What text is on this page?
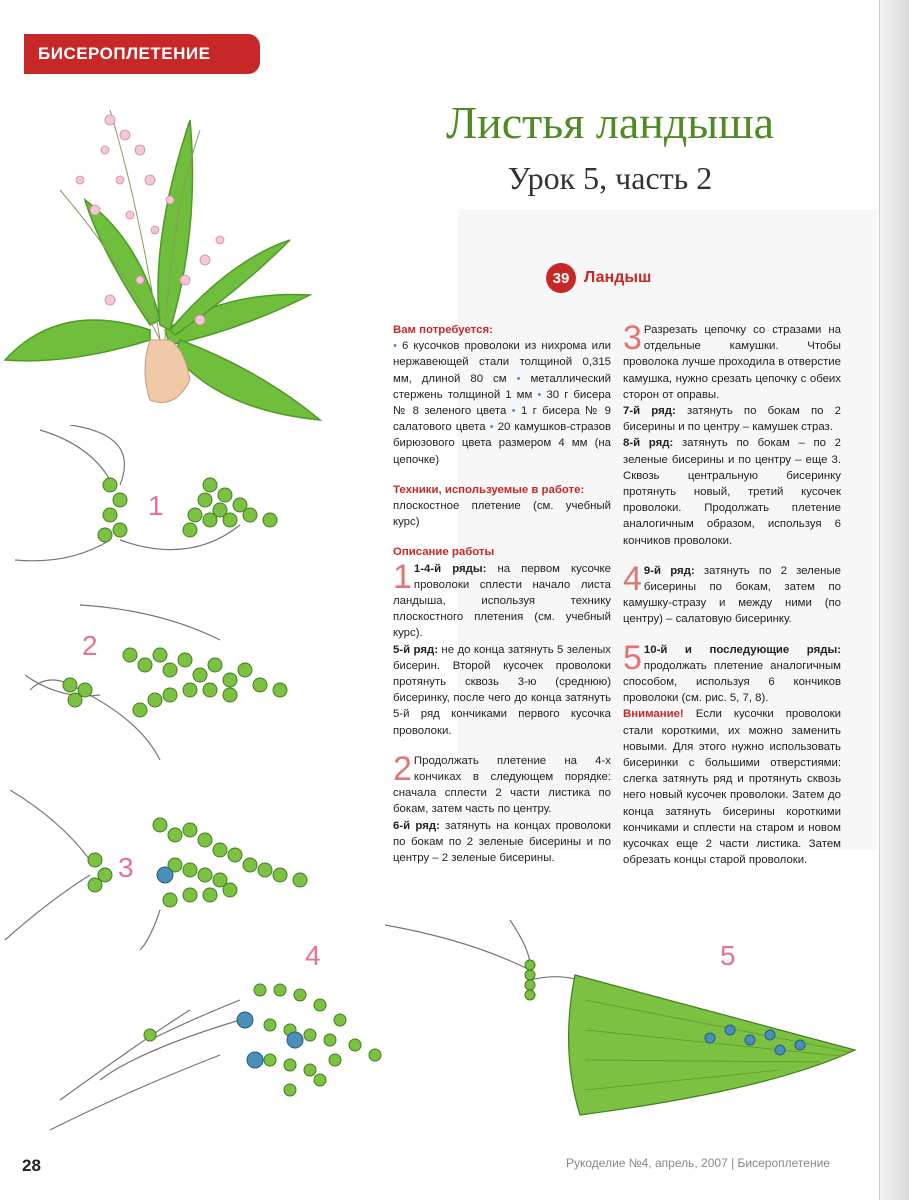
БИСЕРОПЛЕТЕНИЕ
Листья ландыша
Урок 5, часть 2
39 Ландыш
1
2
3
4	5

Вам потребуется:

• 6 кусочков проволоки из нихрома или нержавеющей стали толщиной 0,315 мм, длиной 80 см • металлический стержень толщиной 1 мм • 30 г бисера № 8 зеленого цвета • 1 г бисера № 9 салатового цвета • 20 камушков-стразов бирюзового цвета размером 4 мм (на цепочке)

Техники, используемые в работе:

плоскостное плетение (см. учебный курс)

Описание работы

1 1-4-й ряды: на первом кусочке проволоки сплести начало листа ландыша, используя технику плоскостного плетения (см. учебный курс).

5-й ряд: не до конца затянуть 5 зеленых бисерин. Второй кусочек проволоки протянуть сквозь 3-ю (среднюю) бисеринку, после чего до конца затянуть 5-й ряд кончиками первого кусочка проволоки.

2 Продолжать плетение на 4-х кончиках в следующем порядке: сначала сплести 2 части листика по бокам, затем часть по центру.

6-й ряд: затянуть на концах проволоки по бокам по 2 зеленые бисерины и по центру – 2 зеленые бисерины.

3 Разрезать цепочку со стразами на отдельные камушки. Чтобы проволока лучше проходила в отверстие камушка, нужно срезать цепочку с обеих сторон от оправы.

7-й ряд: затянуть по бокам по 2 бисерины и по центру – камушек страз.

8-й ряд: затянуть по бокам – по 2 зеленые бисерины и по центру – еще 3. Сквозь центральную бисеринку протянуть новый, третий кусочек проволоки. Продолжать плетение аналогичным образом, используя 6 кончиков проволоки.

4 9-й ряд: затянуть по 2 зеленые бисерины по бокам, затем по камушку-стразу и между ними (по центру) – салатовую бисеринку.

5 10-й и последующие ряды: продолжать плетение аналогичным способом, используя 6 кончиков проволоки (см. рис. 5, 7, 8).

Внимание! Если кусочки проволоки стали короткими, их можно заменить новыми. Для этого нужно использовать бисеринки с большими отверстиями: слегка затянуть ряд и протянуть сквозь него новый кусочек проволоки. Затем до конца затянуть бисерины короткими кончиками и сплести на старом и новом кусочках еще 2 части листика. Затем обрезать концы старой проволоки.

28	Рукоделие №4, апрель, 2007 | Бисероплетение
